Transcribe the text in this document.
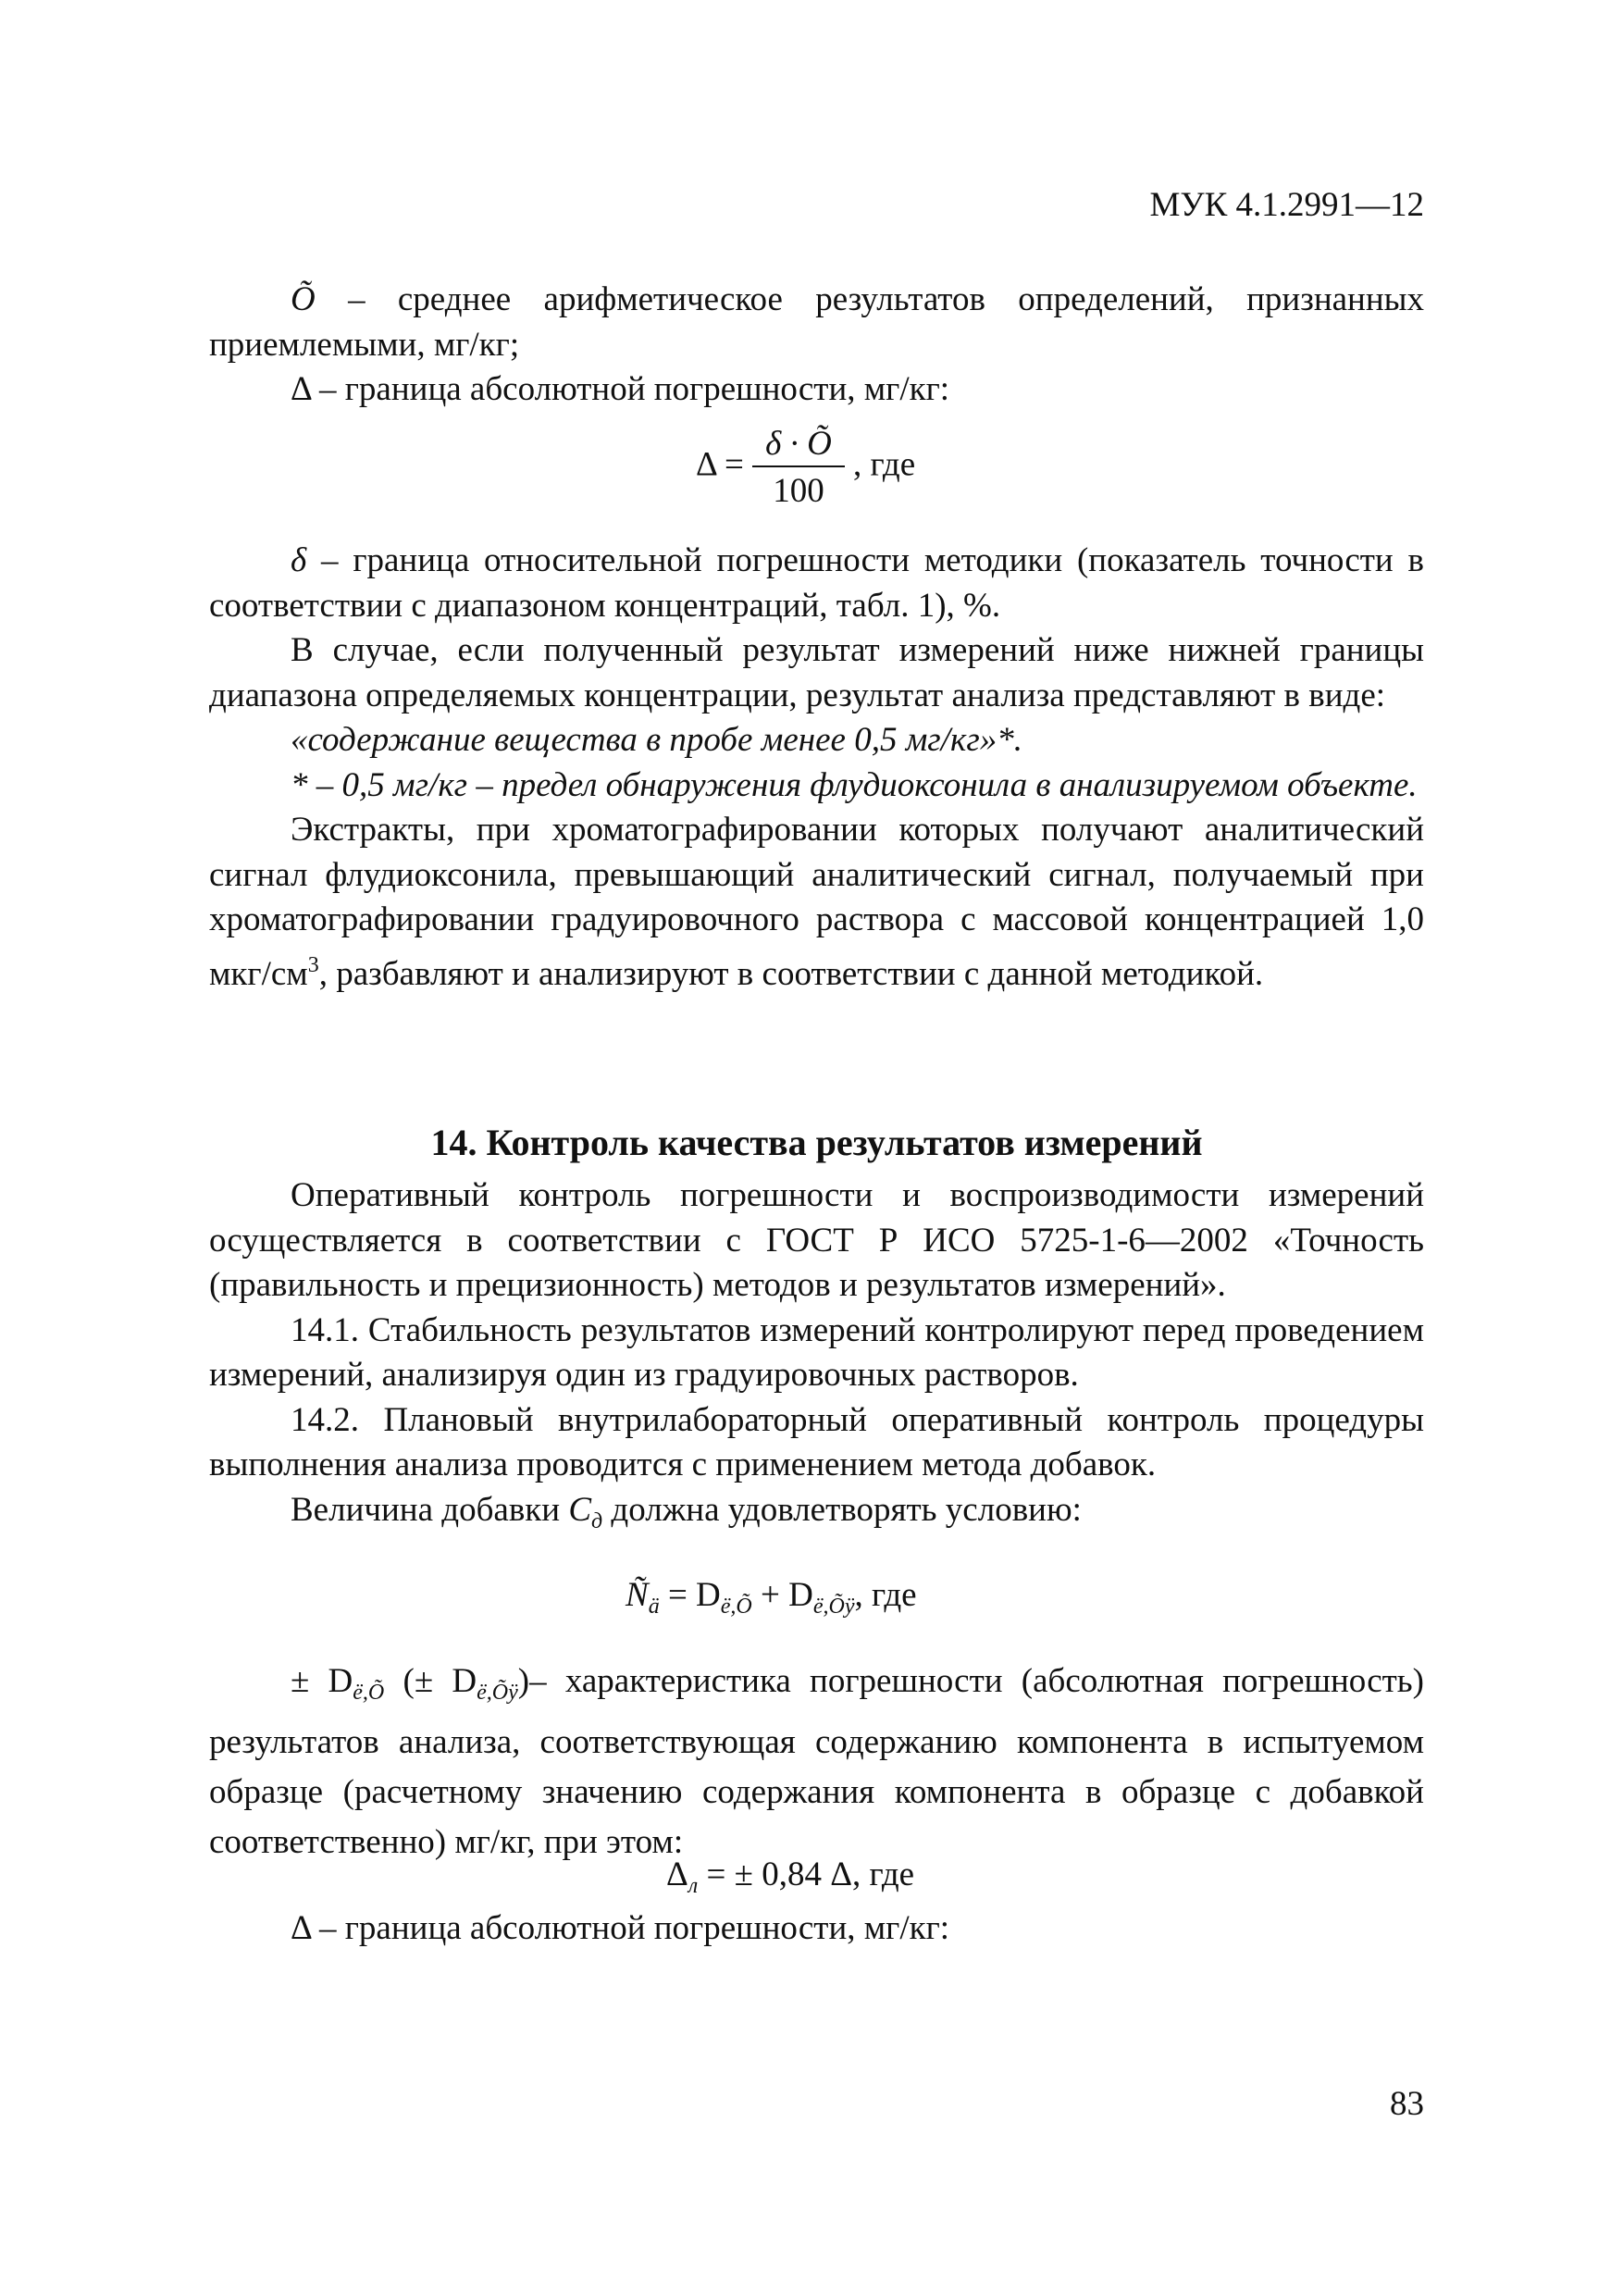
МУК 4.1.2991—12

Õ – среднее арифметическое результатов определений, признанных приемлемыми, мг/кг;

Δ – граница абсолютной погрешности, мг/кг:

$\Delta = \frac{\delta \cdot Õ}{100}$ , где

δ – граница относительной погрешности методики (показатель точности в соответствии с диапазоном концентраций, табл. 1), %.

В случае, если полученный результат измерений ниже нижней границы диапазона определяемых концентрации, результат анализа представляют в виде:

«содержание вещества в пробе менее 0,5 мг/кг»*.

* – 0,5 мг/кг – предел обнаружения флудиоксонила в анализируемом объекте.

Экстракты, при хроматографировании которых получают аналитический сигнал флудиоксонила, превышающий аналитический сигнал, получаемый при хроматографировании градуировочного раствора с массовой концентрацией 1,0 мкг/$см^3$, разбавляют и анализируют в соответствии с данной методикой.

14. Контроль качества результатов измерений

Оперативный контроль погрешности и воспроизводимости измерений осуществляется в соответствии с ГОСТ Р ИСО 5725-1-6—2002 «Точность (правильность и прецизионность) методов и результатов измерений».

14.1. Стабильность результатов измерений контролируют перед проведением измерений, анализируя один из градуировочных растворов.

14.2. Плановый внутрилабораторный оперативный контроль процедуры выполнения анализа проводится с применением метода добавок.

Величина добавки $C_д$ должна удовлетворять условию:

$Ñ_ä = D_{ë,Õ} + D_{ë,Õÿ}$, где

± $D_{ë,Õ}$ (± $D_{ë,Õÿ})-$ характеристика погрешности (абсолютная погрешность) результатов анализа, соответствующая содержанию компонента в испытуемом образце (расчетному значению содержания компонента в образце с добавкой соответственно) мг/кг, при этом:

$\Delta_л$ = ± 0,84 Δ, где

Δ – граница абсолютной погрешности, мг/кг:

83
